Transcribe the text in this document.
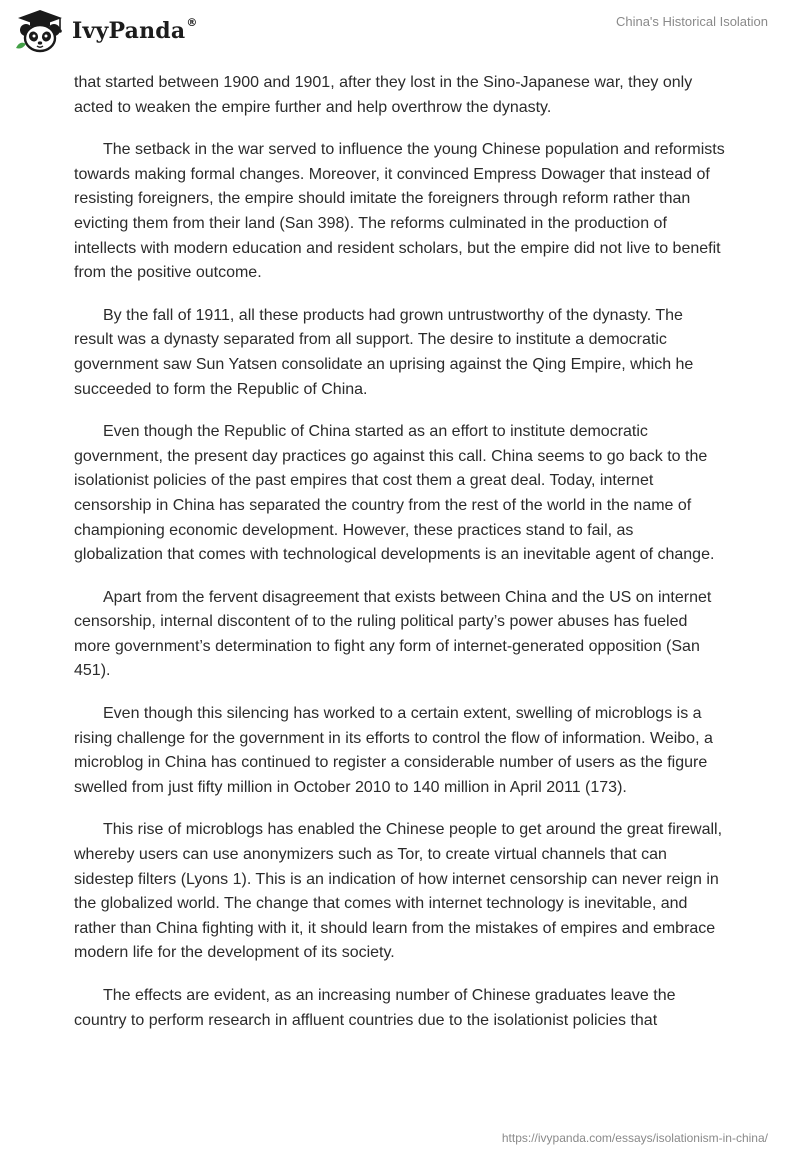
IvyPanda®	China's Historical Isolation

that started between 1900 and 1901, after they lost in the Sino-Japanese war, they only acted to weaken the empire further and help overthrow the dynasty.

The setback in the war served to influence the young Chinese population and reformists towards making formal changes. Moreover, it convinced Empress Dowager that instead of resisting foreigners, the empire should imitate the foreigners through reform rather than evicting them from their land (San 398). The reforms culminated in the production of intellects with modern education and resident scholars, but the empire did not live to benefit from the positive outcome.

By the fall of 1911, all these products had grown untrustworthy of the dynasty. The result was a dynasty separated from all support. The desire to institute a democratic government saw Sun Yatsen consolidate an uprising against the Qing Empire, which he succeeded to form the Republic of China.

Even though the Republic of China started as an effort to institute democratic government, the present day practices go against this call. China seems to go back to the isolationist policies of the past empires that cost them a great deal. Today, internet censorship in China has separated the country from the rest of the world in the name of championing economic development. However, these practices stand to fail, as globalization that comes with technological developments is an inevitable agent of change.

Apart from the fervent disagreement that exists between China and the US on internet censorship, internal discontent of to the ruling political party’s power abuses has fueled more government’s determination to fight any form of internet-generated opposition (San 451).

Even though this silencing has worked to a certain extent, swelling of microblogs is a rising challenge for the government in its efforts to control the flow of information. Weibo, a microblog in China has continued to register a considerable number of users as the figure swelled from just fifty million in October 2010 to 140 million in April 2011 (173).

This rise of microblogs has enabled the Chinese people to get around the great firewall, whereby users can use anonymizers such as Tor, to create virtual channels that can sidestep filters (Lyons 1). This is an indication of how internet censorship can never reign in the globalized world. The change that comes with internet technology is inevitable, and rather than China fighting with it, it should learn from the mistakes of empires and embrace modern life for the development of its society.

The effects are evident, as an increasing number of Chinese graduates leave the country to perform research in affluent countries due to the isolationist policies that

https://ivypanda.com/essays/isolationism-in-china/
